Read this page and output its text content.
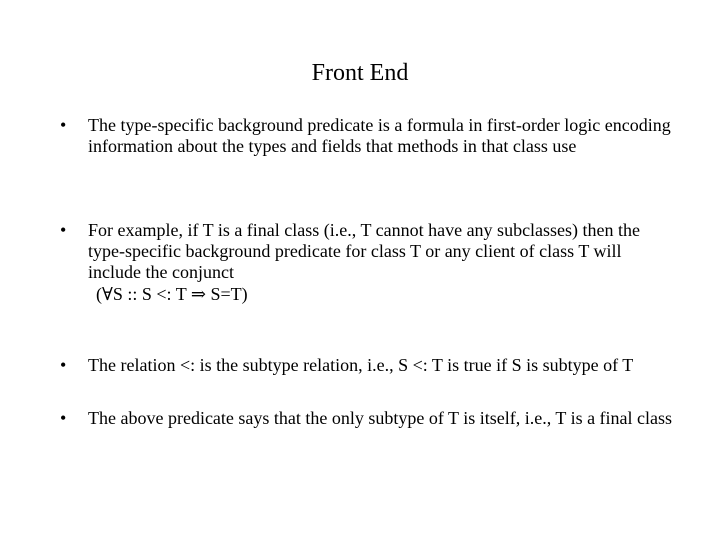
Front End
•	The type-specific background predicate is a formula in first-order logic encoding information about the types and fields that methods in that class use
•	For example, if T is a final class (i.e., T cannot have any subclasses) then the type-specific background predicate for class T or any client of class T will include the conjunct
(∀S :: S <: T ⇒ S=T)
•	The relation <: is the subtype relation, i.e., S <: T is true if S is subtype of T
•	The above predicate says that the only subtype of T is itself, i.e., T is a final class
